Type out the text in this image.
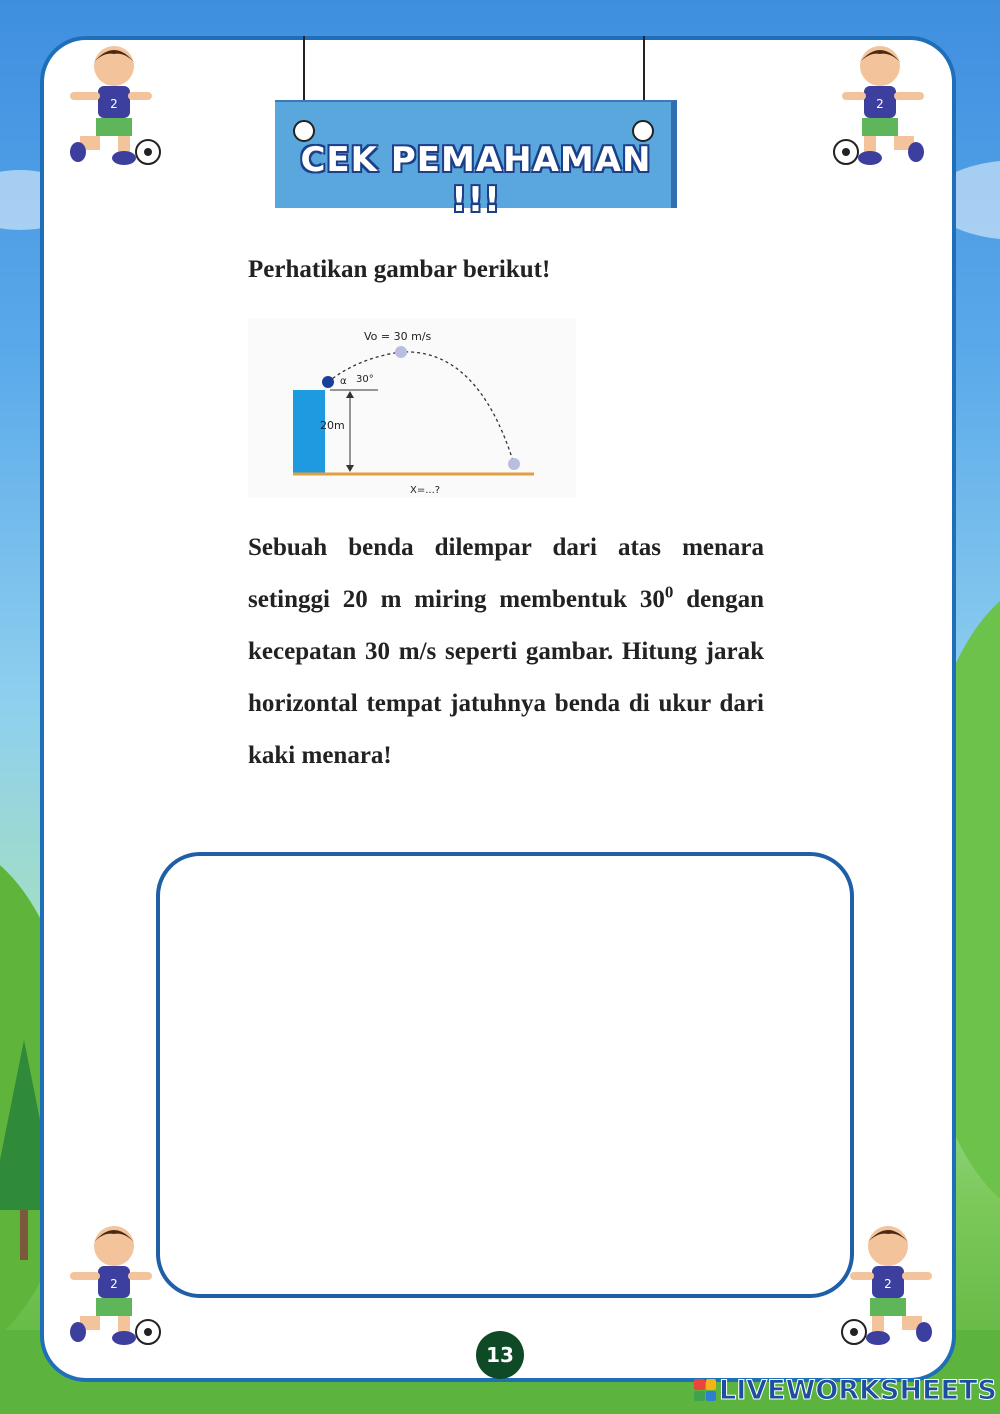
CEK PEMAHAMAN !!!
Perhatikan gambar berikut!
Vo = 30 m/s
α 30°
20m
X=...?
Sebuah benda dilempar dari atas menara setinggi 20 m miring membentuk $30^0$ dengan kecepatan 30 m/s seperti gambar. Hitung jarak horizontal tempat jatuhnya benda di ukur dari kaki menara!
13
2	2
2	2
LIVEWORKSHEETS
